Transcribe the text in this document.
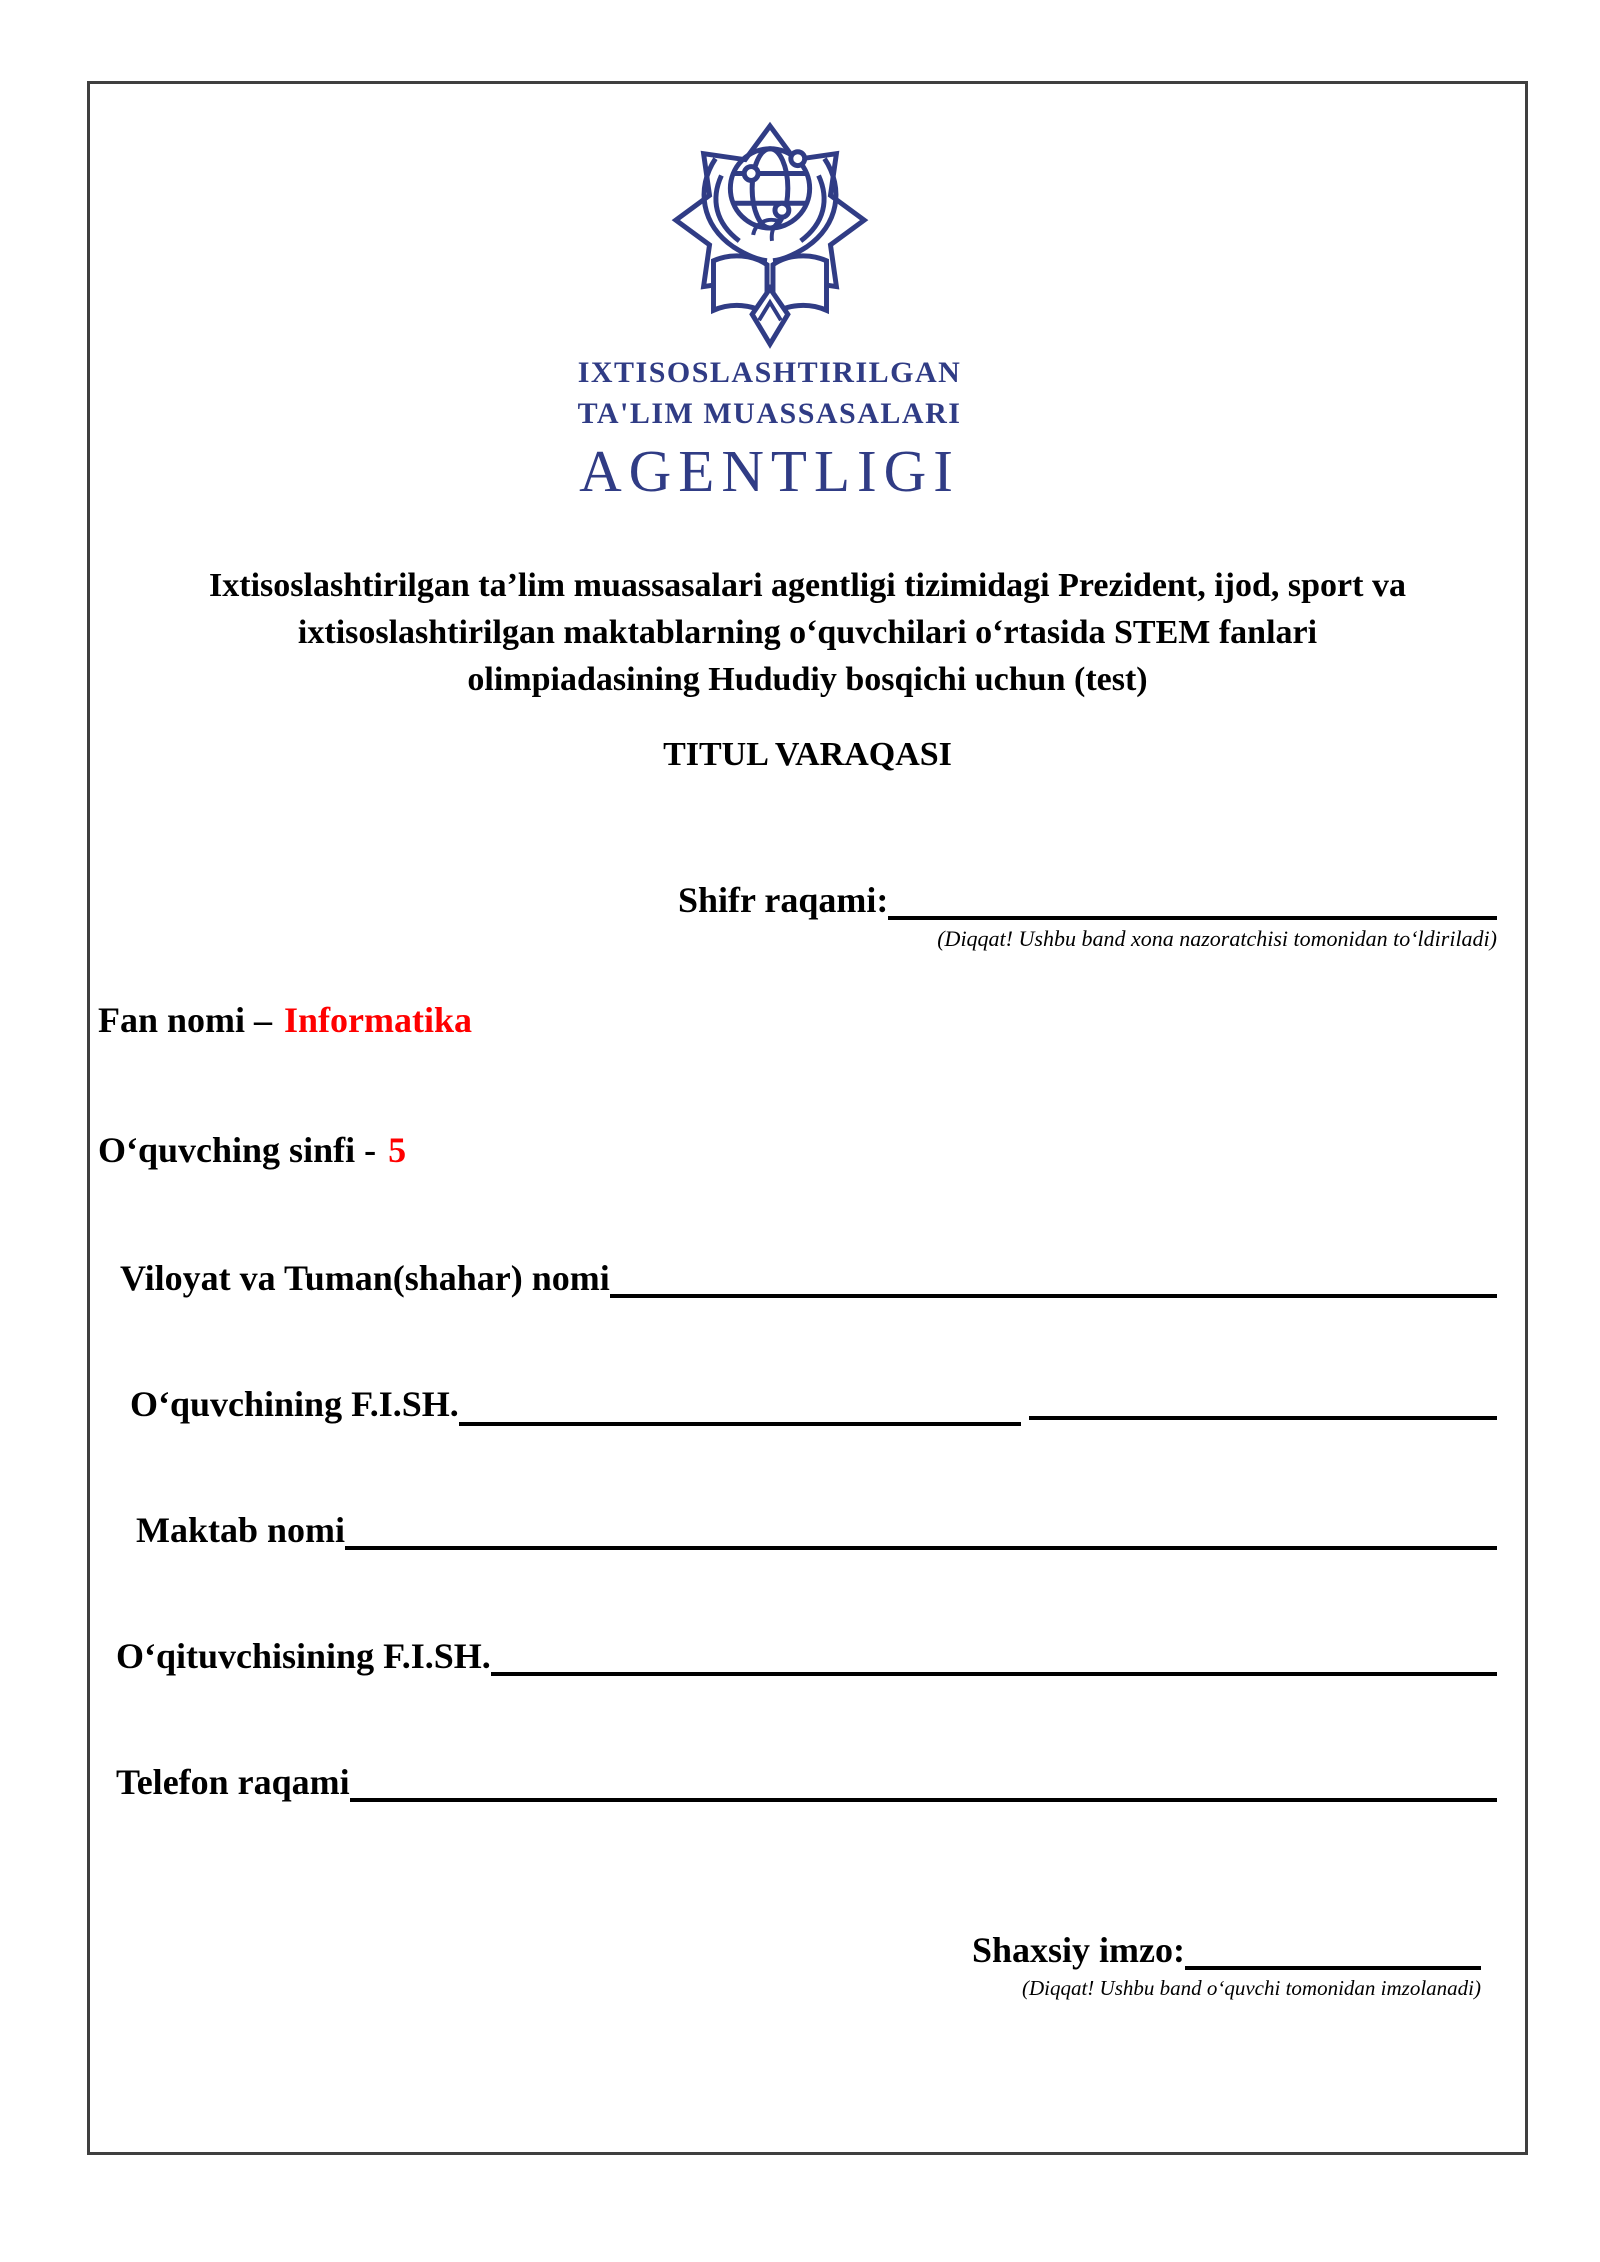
IXTISOSLASHTIRILGAN
TA'LIM MUASSASALARI
AGENTLIGI
Ixtisoslashtirilgan ta’lim muassasalari agentligi tizimidagi Prezident, ijod, sport va
ixtisoslashtirilgan maktablarning oʻquvchilari oʻrtasida STEM fanlari
olimpiadasining Hududiy bosqichi uchun (test)
TITUL VARAQASI
Shifr raqami:
(Diqqat! Ushbu band xona nazoratchisi tomonidan toʻldiriladi)
Fan nomi – Informatika
Oʻquvching sinfi - 5
Viloyat va Tuman(shahar) nomi
Oʻquvchining F.I.SH.
Maktab nomi
Oʻqituvchisining F.I.SH.
Telefon raqami
Shaxsiy imzo:
(Diqqat! Ushbu band oʻquvchi tomonidan imzolanadi)
